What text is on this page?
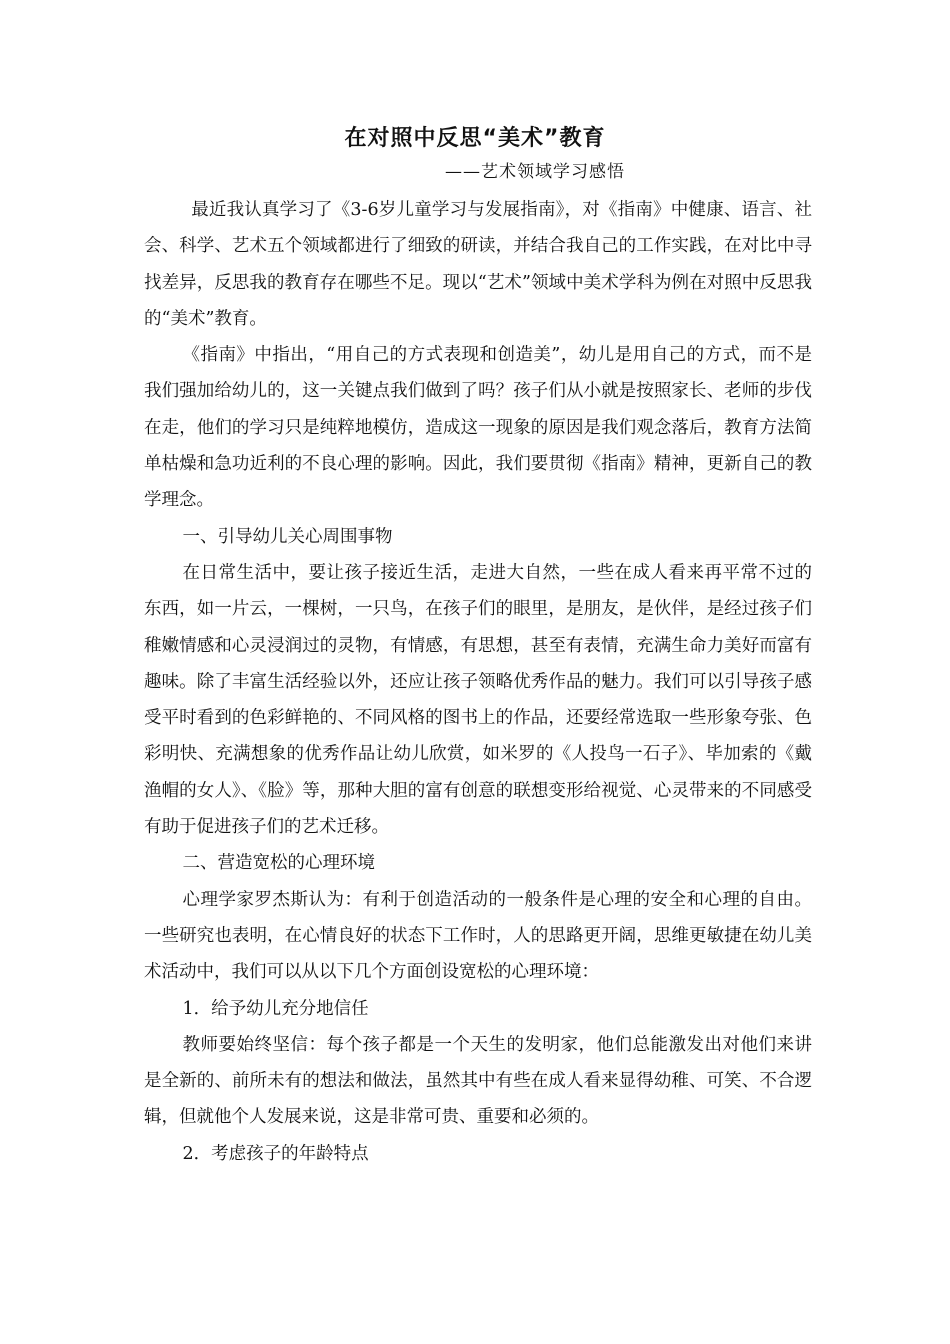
在对照中反思“美术”教育
——艺术领域学习感悟

最近我认真学习了《3-6岁儿童学习与发展指南》，对《指南》中健康、语言、社会、科学、艺术五个领域都进行了细致的研读，并结合我自己的工作实践，在对比中寻找差异，反思我的教育存在哪些不足。现以“艺术”领域中美术学科为例在对照中反思我的“美术”教育。

《指南》中指出，“用自己的方式表现和创造美”，幼儿是用自己的方式，而不是我们强加给幼儿的，这一关键点我们做到了吗？孩子们从小就是按照家长、老师的步伐在走，他们的学习只是纯粹地模仿，造成这一现象的原因是我们观念落后，教育方法简单枯燥和急功近利的不良心理的影响。因此，我们要贯彻《指南》精神，更新自己的教学理念。

一、引导幼儿关心周围事物

在日常生活中，要让孩子接近生活，走进大自然，一些在成人看来再平常不过的东西，如一片云，一棵树，一只鸟，在孩子们的眼里，是朋友，是伙伴，是经过孩子们稚嫩情感和心灵浸润过的灵物，有情感，有思想，甚至有表情，充满生命力美好而富有趣味。除了丰富生活经验以外，还应让孩子领略优秀作品的魅力。我们可以引导孩子感受平时看到的色彩鲜艳的、不同风格的图书上的作品，还要经常选取一些形象夸张、色彩明快、充满想象的优秀作品让幼儿欣赏，如米罗的《人投鸟一石子》、毕加索的《戴渔帽的女人》、《脸》等，那种大胆的富有创意的联想变形给视觉、心灵带来的不同感受有助于促进孩子们的艺术迁移。

二、营造宽松的心理环境

心理学家罗杰斯认为：有利于创造活动的一般条件是心理的安全和心理的自由。一些研究也表明，在心情良好的状态下工作时，人的思路更开阔，思维更敏捷在幼儿美术活动中，我们可以从以下几个方面创设宽松的心理环境：

1．给予幼儿充分地信任

教师要始终坚信：每个孩子都是一个天生的发明家，他们总能激发出对他们来讲是全新的、前所未有的想法和做法，虽然其中有些在成人看来显得幼稚、可笑、不合逻辑，但就他个人发展来说，这是非常可贵、重要和必须的。

2．考虑孩子的年龄特点
